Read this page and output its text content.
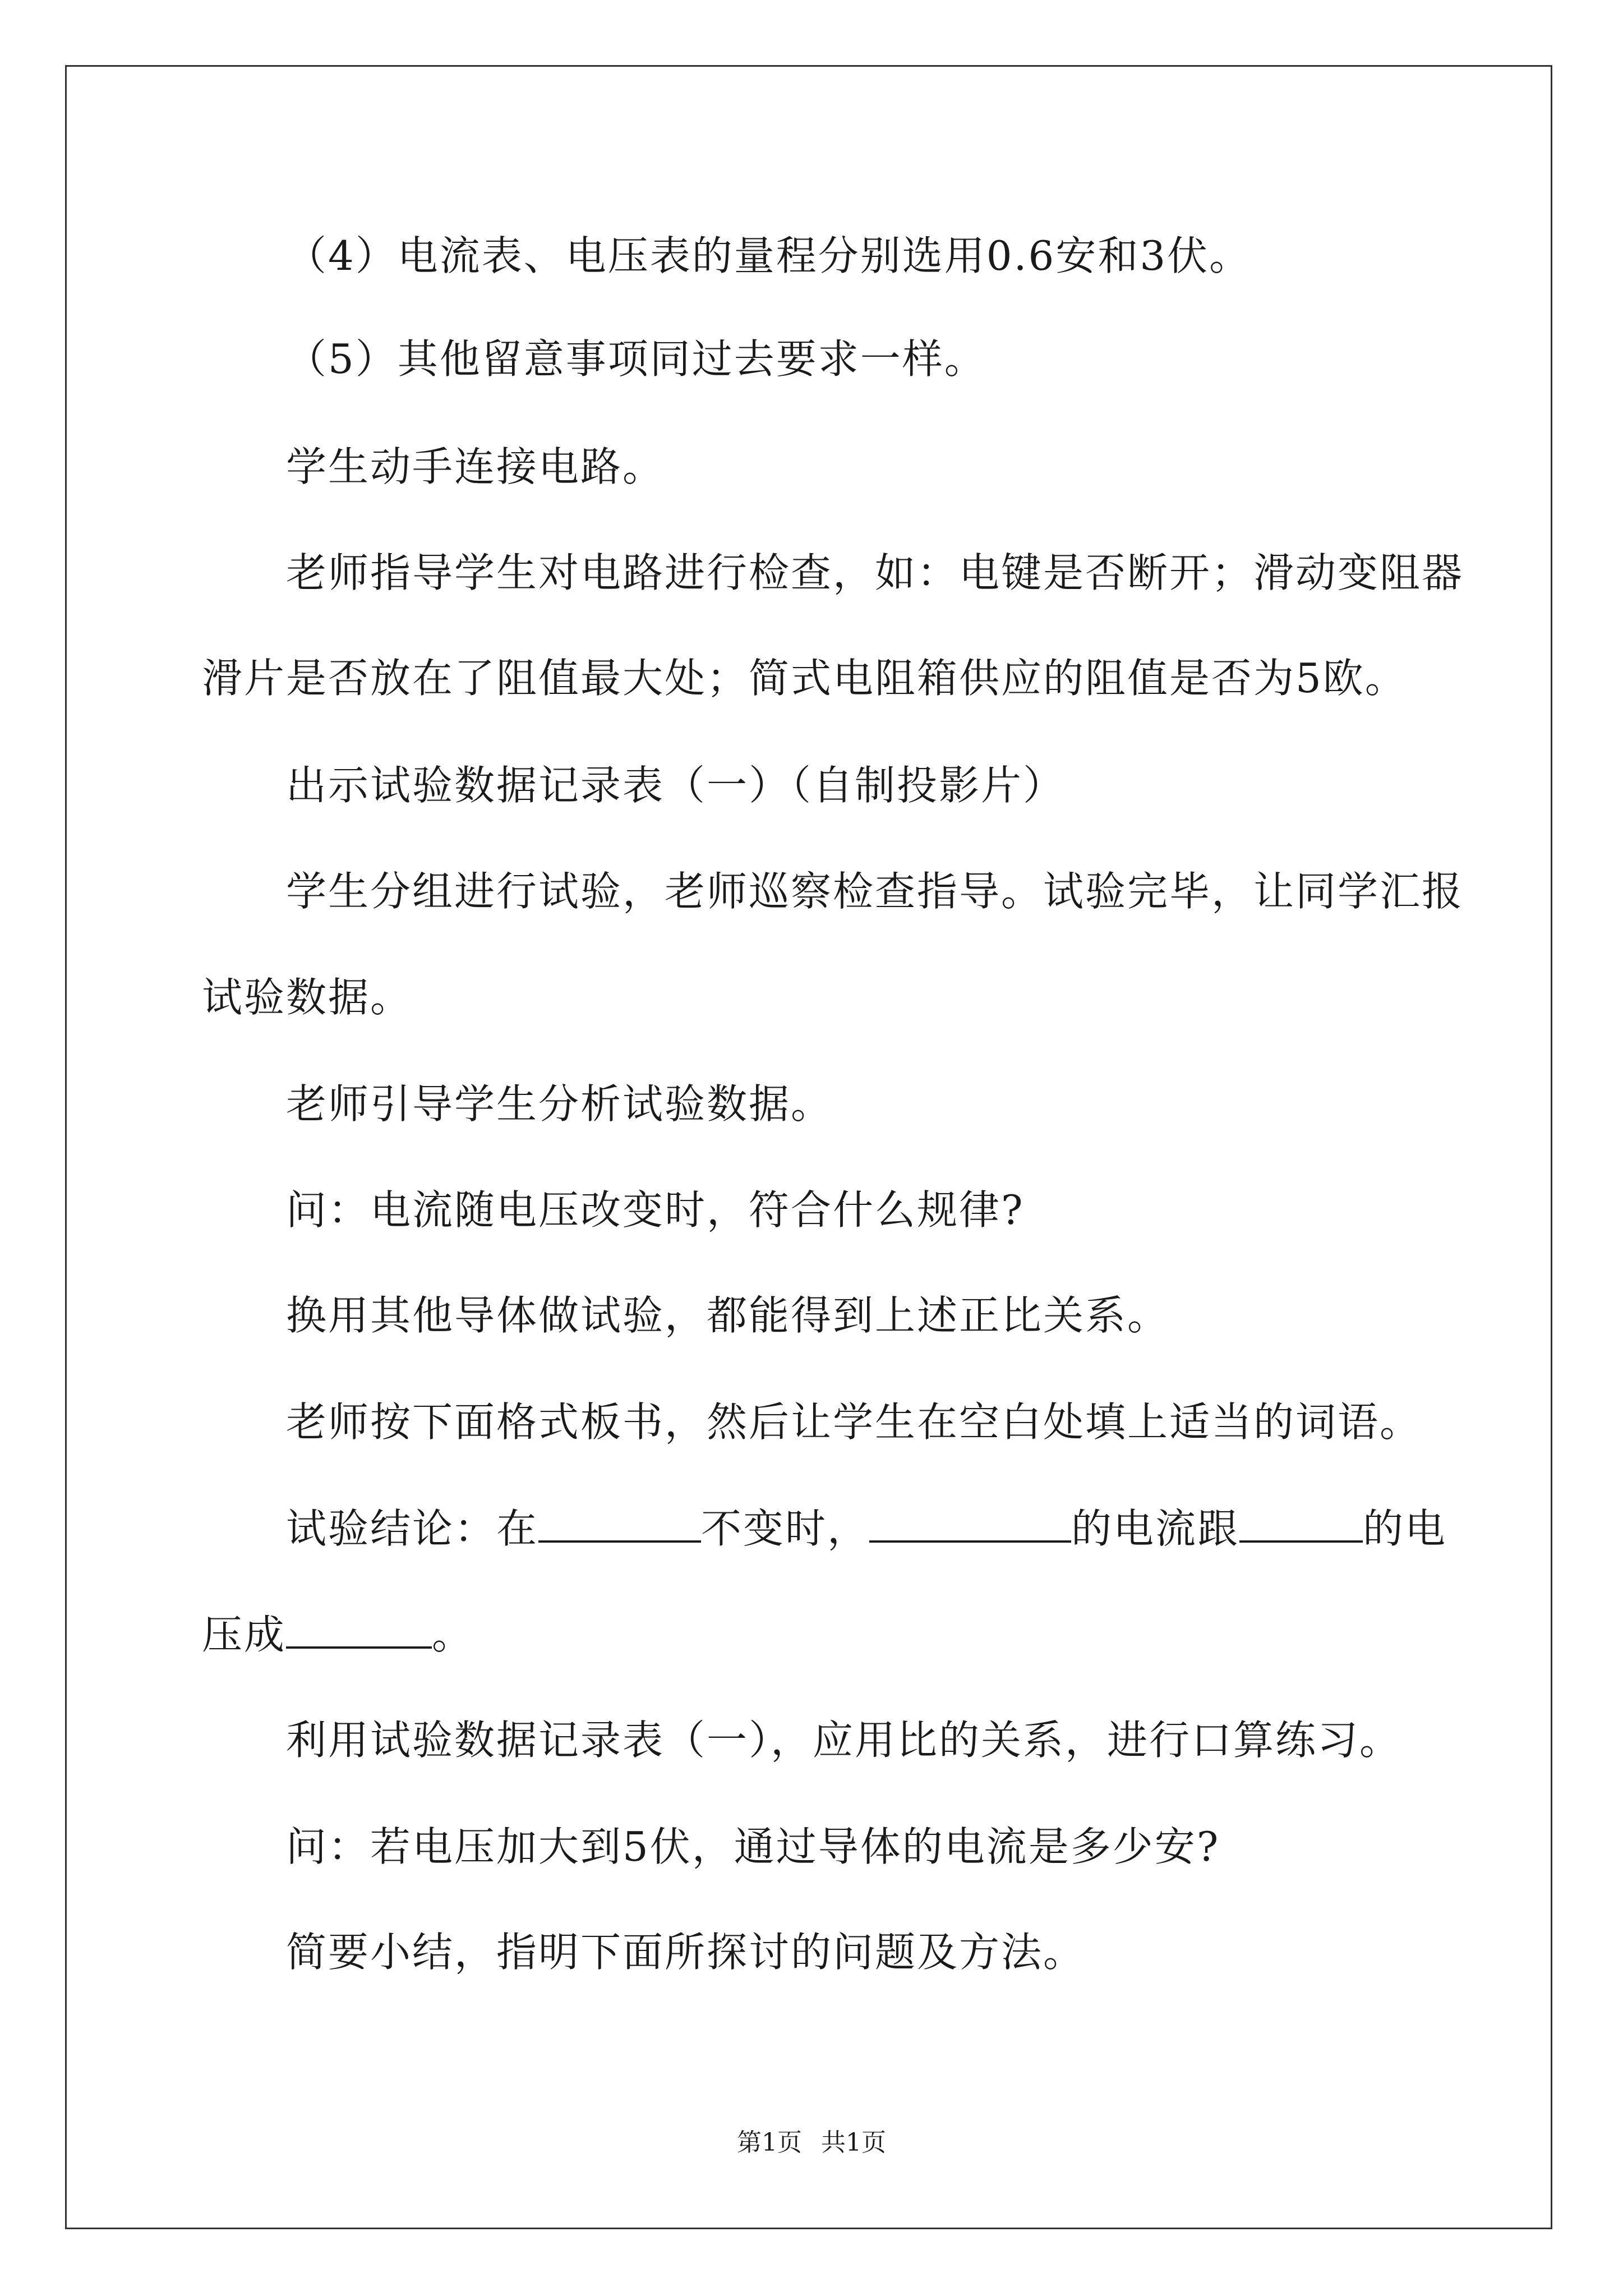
（4）电流表、电压表的量程分别选用0.6安和3伏。
（5）其他留意事项同过去要求一样。
学生动手连接电路。
老师指导学生对电路进行检查，如：电键是否断开；滑动变阻器
滑片是否放在了阻值最大处；简式电阻箱供应的阻值是否为5欧。
出示试验数据记录表（一）（自制投影片）
学生分组进行试验，老师巡察检查指导。试验完毕，让同学汇报
试验数据。
老师引导学生分析试验数据。
问：电流随电压改变时，符合什么规律?
换用其他导体做试验，都能得到上述正比关系。
老师按下面格式板书，然后让学生在空白处填上适当的词语。
试验结论：在	不变时，	的电流跟	的电
压成	。
利用试验数据记录表（一），应用比的关系，进行口算练习。
问：若电压加大到5伏，通过导体的电流是多少安?
简要小结，指明下面所探讨的问题及方法。
第1页 共1页
